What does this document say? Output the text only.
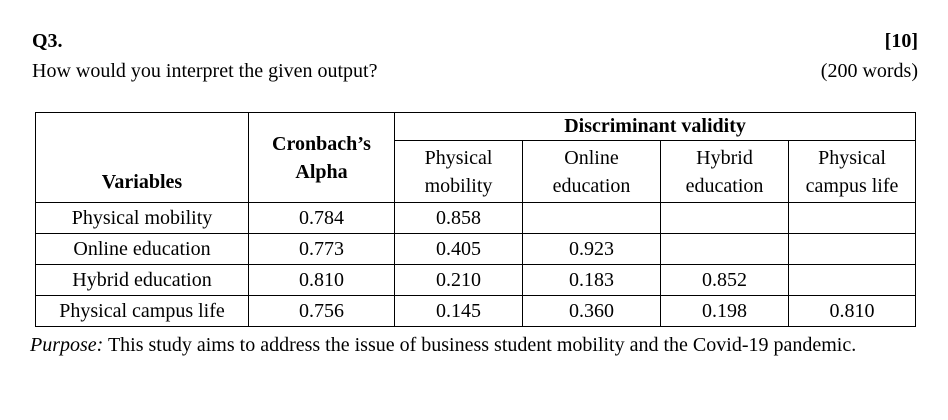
Q3.	[10]
How would you interpret the given output?	(200 words)
Variables	Cronbach’s Alpha	Discriminant validity			
		Physical mobility	Online education	Hybrid education	Physical campus life
Physical mobility	0.784	0.858			
Online education	0.773	0.405	0.923		
Hybrid education	0.810	0.210	0.183	0.852	
Physical campus life	0.756	0.145	0.360	0.198	0.810
Purpose: This study aims to address the issue of business student mobility and the Covid-19 pandemic.
